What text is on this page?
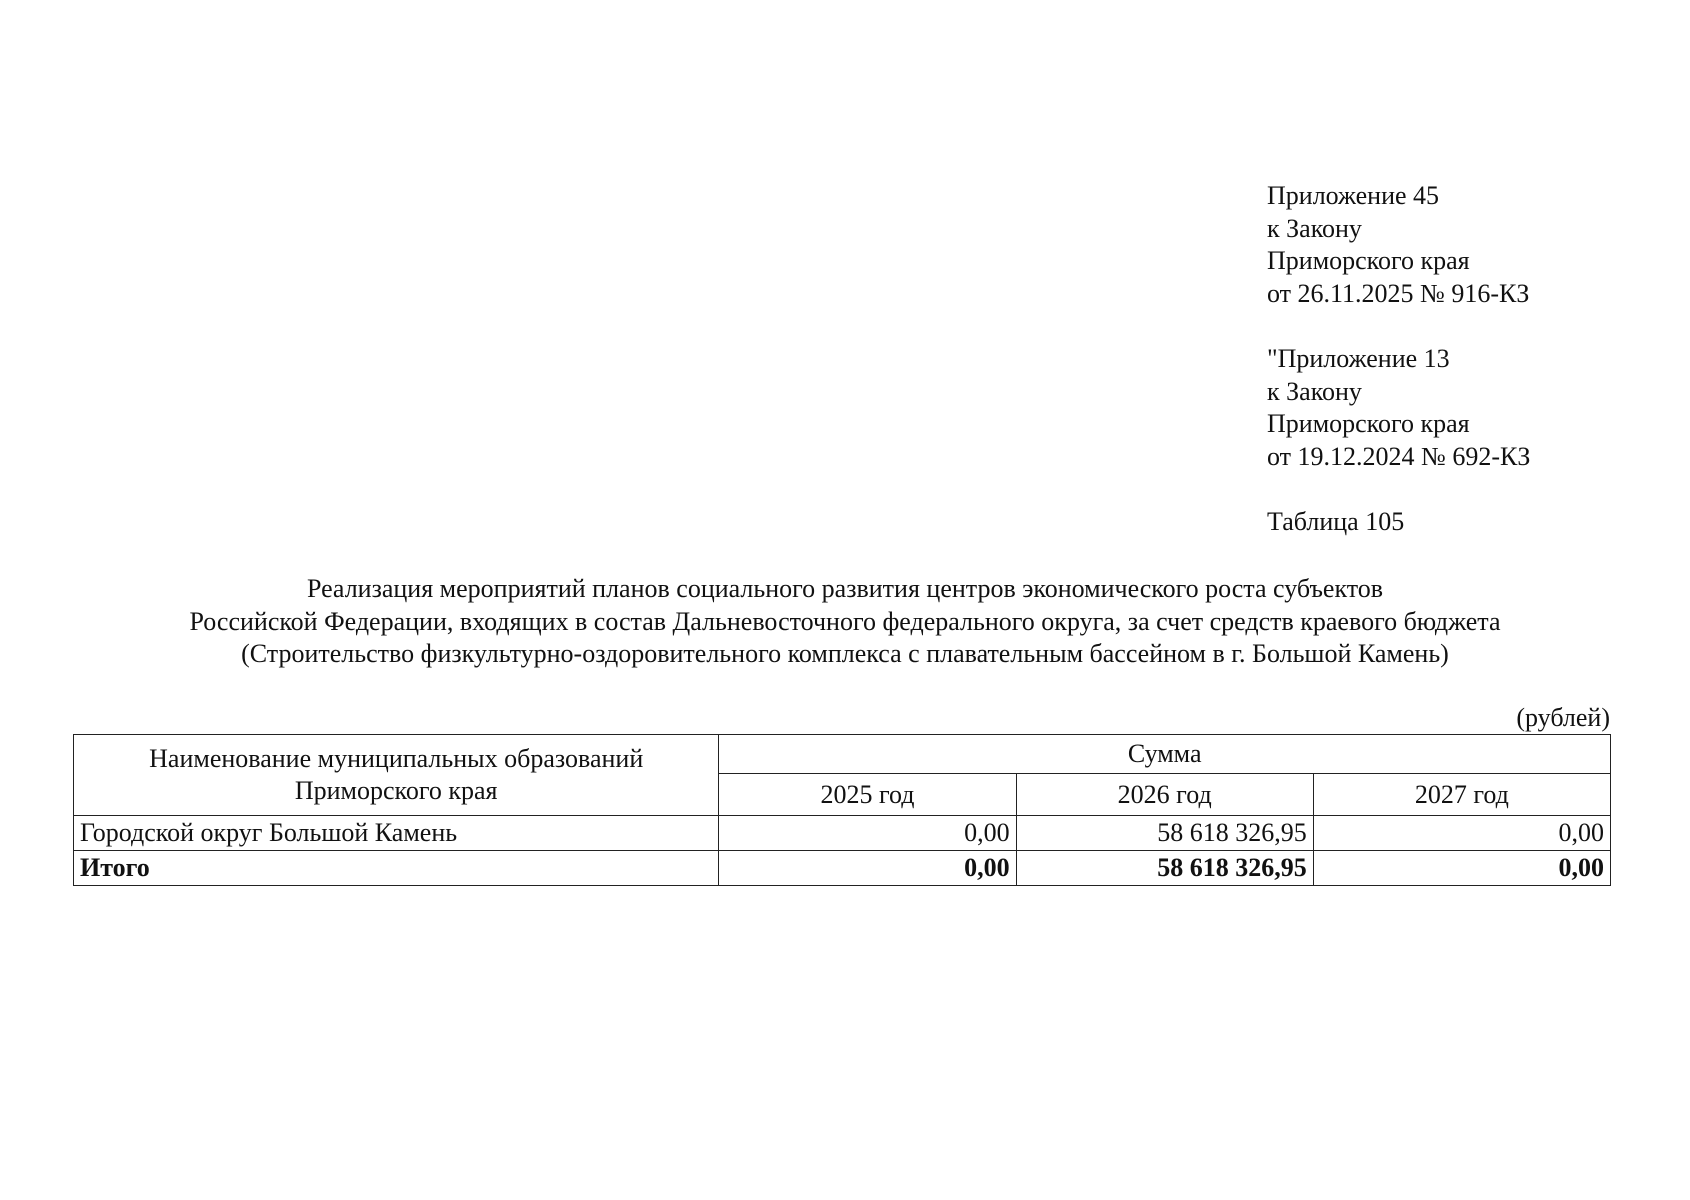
Приложение 45
к Закону
Приморского края
от 26.11.2025 № 916-КЗ
"Приложение 13
к Закону
Приморского края
от 19.12.2024 № 692-КЗ
Таблица 105
Реализация мероприятий планов социального развития центров экономического роста субъектов
Российской Федерации, входящих в состав Дальневосточного федерального округа, за счет средств краевого бюджета
(Строительство физкультурно-оздоровительного комплекса с плавательным бассейном в г. Большой Камень)
(рублей)
Наименование муниципальных образований
Приморского края	Сумма		
	2025 год	2026 год	2027 год
Городской округ Большой Камень	0,00	58 618 326,95	0,00
Итого	0,00	58 618 326,95	0,00
